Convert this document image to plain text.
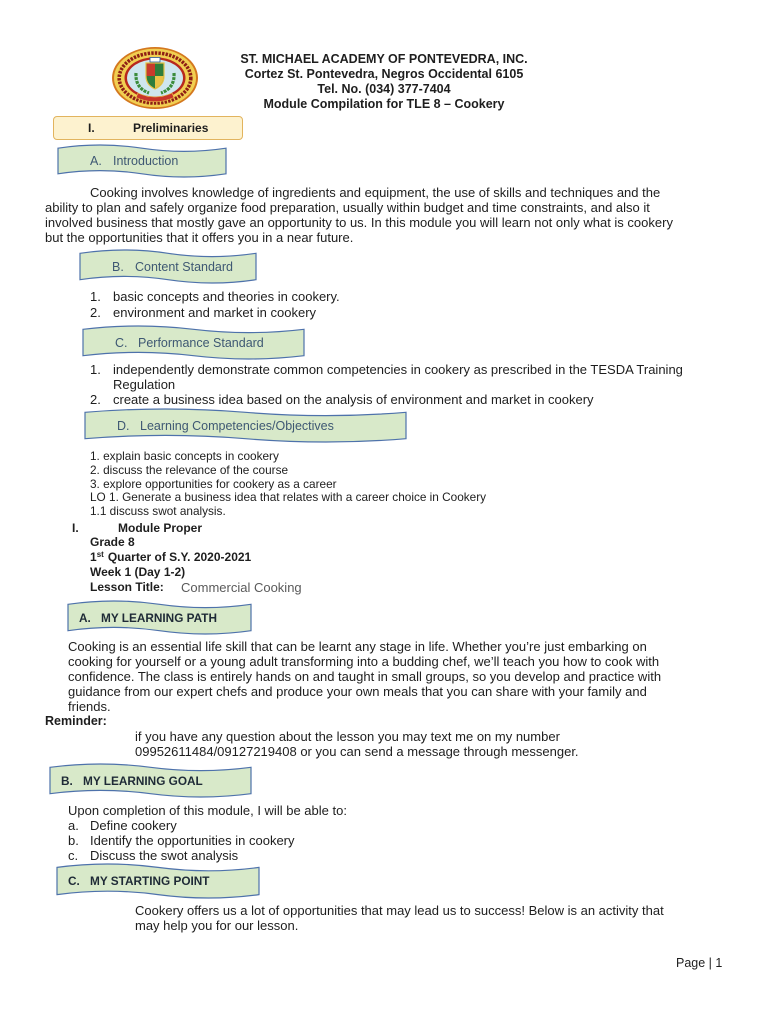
ST. MICHAEL ACADEMY OF PONTEVEDRA, INC.
Cortez St. Pontevedra, Negros Occidental 6105
Tel. No. (034) 377-7404
Module Compilation for TLE 8 – Cookery
I.	Preliminaries
A. Introduction
Cooking involves knowledge of ingredients and equipment, the use of skills and techniques and the
ability to plan and safely organize food preparation, usually within budget and time constraints, and also it
involved business that mostly gave an opportunity to us. In this module you will learn not only what is cookery
but the opportunities that it offers you in a near future.
B. Content Standard
1. basic concepts and theories in cookery.
2. environment and market in cookery
C. Performance Standard
1. independently demonstrate common competencies in cookery as prescribed in the TESDA Training
Regulation
2. create a business idea based on the analysis of environment and market in cookery
D. Learning Competencies/Objectives
1. explain basic concepts in cookery
2. discuss the relevance of the course
3. explore opportunities for cookery as a career
LO 1. Generate a business idea that relates with a career choice in Cookery
1.1 discuss swot analysis.
I.	Module Proper
Grade 8
1st Quarter of S.Y. 2020-2021
Week 1 (Day 1-2)
Lesson Title: Commercial Cooking
A. MY LEARNING PATH
Cooking is an essential life skill that can be learnt any stage in life. Whether you’re just embarking on
cooking for yourself or a young adult transforming into a budding chef, we’ll teach you how to cook with
confidence. The class is entirely hands on and taught in small groups, so you develop and practice with
guidance from our expert chefs and produce your own meals that you can share with your family and
friends.
Reminder:
if you have any question about the lesson you may text me on my number
09952611484/09127219408 or you can send a message through messenger.
B. MY LEARNING GOAL
Upon completion of this module, I will be able to:
a. Define cookery
b. Identify the opportunities in cookery
c. Discuss the swot analysis
C. MY STARTING POINT
Cookery offers us a lot of opportunities that may lead us to success! Below is an activity that
may help you for our lesson.
Page | 1
